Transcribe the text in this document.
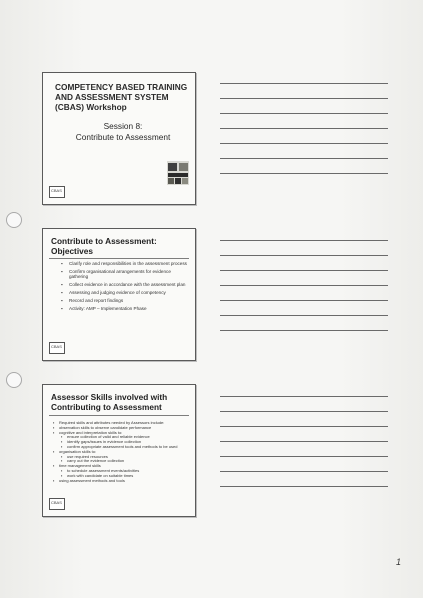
COMPETENCY BASED TRAINING AND ASSESSMENT SYSTEM (CBAS) Workshop
Session 8:
Contribute to Assessment
CBAS
Contribute to Assessment: Objectives
▪ Clarify role and responsibilities in the assessment process
▪ Confirm organisational arrangements for evidence gathering
▪ Collect evidence in accordance with the assessment plan
▪ Assessing and judging evidence of competency
▪ Record and report findings
▪ Activity: AMP – Implementation Phase
CBAS
Assessor Skills involved with Contributing to Assessment
▪ Required skills and attributes needed by Assessors include:
▪ observation skills to observe candidate performance
▪ cognitive and interpretation skills to:
▪ ensure collection of valid and reliable evidence
▪ identify gaps/issues in evidence collection
▪ confirm appropriate assessment tools and methods to be used
▪ organisation skills to:
▪ use required resources
▪ carry out the evidence collection
▪ time management skills
▪ to schedule assessment events/activities
▪ work with candidate on suitable times
▪ using assessment methods and tools
CBAS
1
